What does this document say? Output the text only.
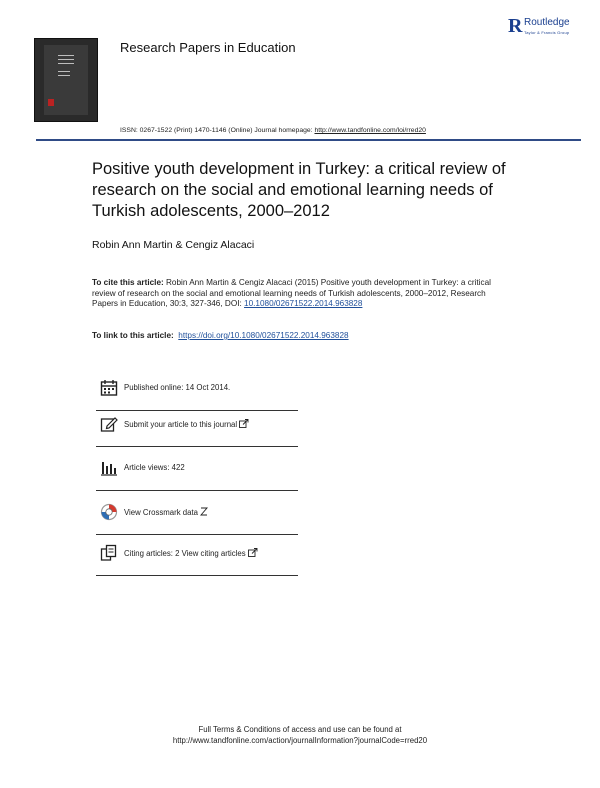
Research Papers in Education
R Routledge
Taylor & Francis Group
ISSN: 0267-1522 (Print) 1470-1146 (Online) Journal homepage: http://www.tandfonline.com/loi/rred20
Positive youth development in Turkey: a critical review of research on the social and emotional learning needs of Turkish adolescents, 2000–2012
Robin Ann Martin & Cengiz Alacaci
To cite this article: Robin Ann Martin & Cengiz Alacaci (2015) Positive youth development in Turkey: a critical review of research on the social and emotional learning needs of Turkish adolescents, 2000–2012, Research Papers in Education, 30:3, 327-346, DOI: 10.1080/02671522.2014.963828
To link to this article: https://doi.org/10.1080/02671522.2014.963828
Published online: 14 Oct 2014.
Submit your article to this journal
Article views: 422
View Crossmark data
Citing articles: 2 View citing articles
Full Terms & Conditions of access and use can be found at
http://www.tandfonline.com/action/journalInformation?journalCode=rred20
